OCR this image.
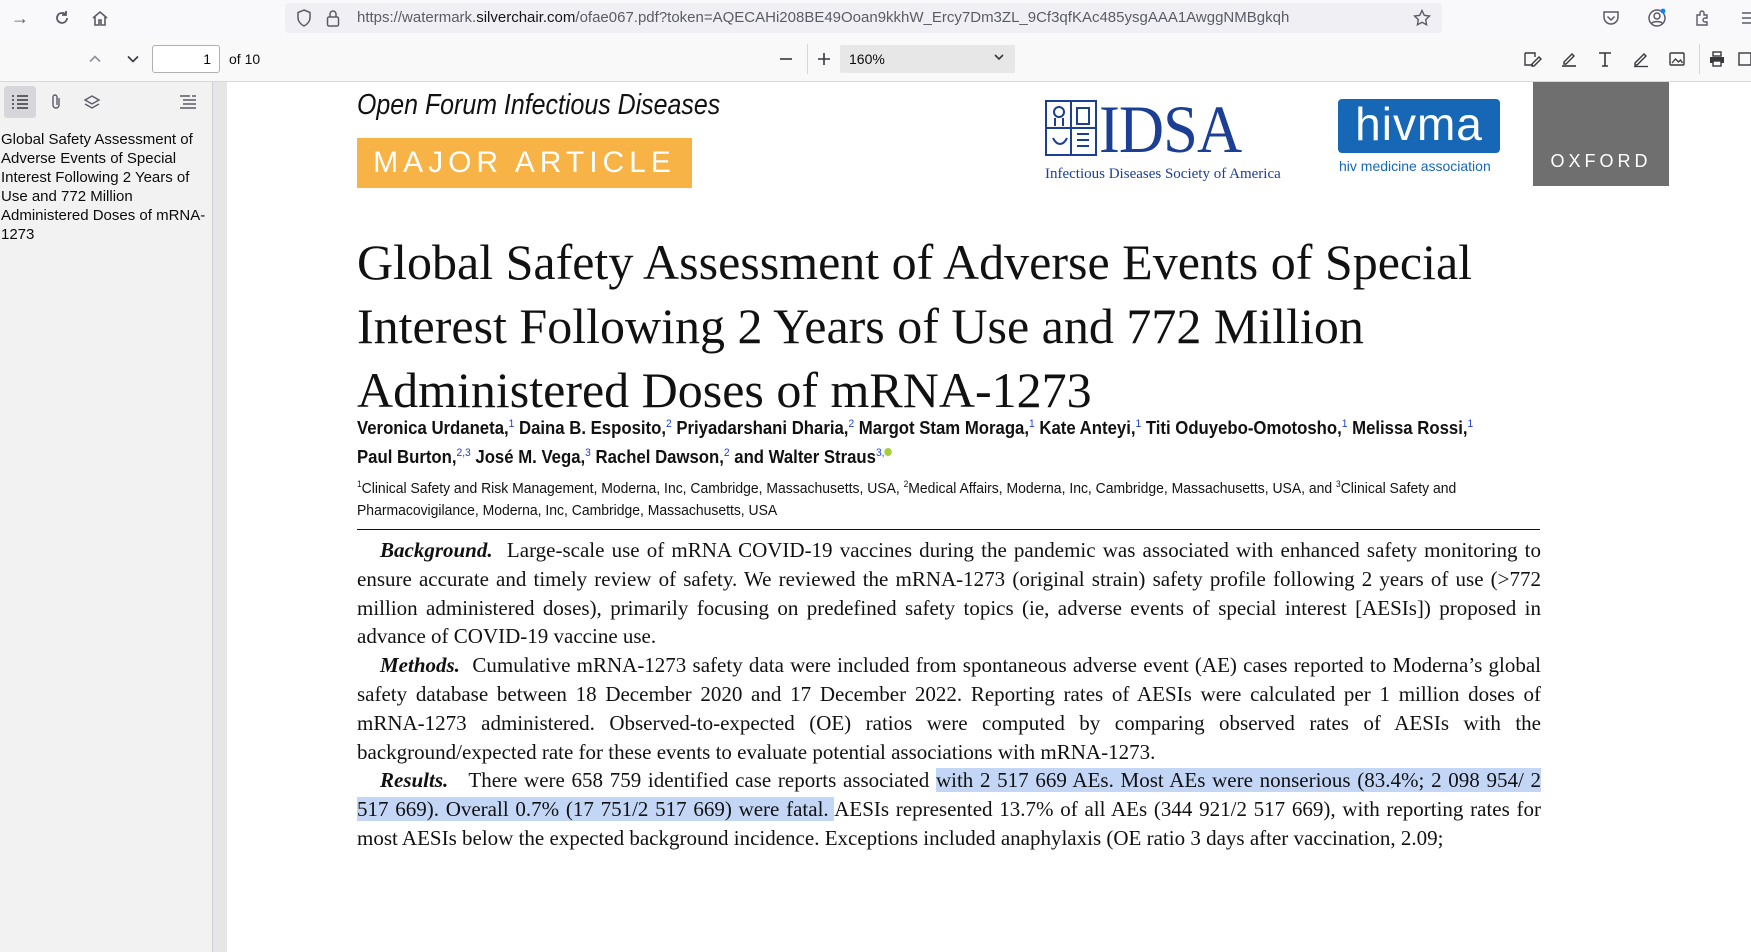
→	https://watermark.silverchair.com/ofae067.pdf?token=AQECAHi208BE49Ooan9kkhW_Ercy7Dm3ZL_9Cf3qfKAc485ysgAAA1AwggNMBgkqh
1	of 10	160%
Global Safety Assessment of Adverse Events of Special Interest Following 2 Years of Use and 772 Million Administered Doses of mRNA-1273
Open Forum Infectious Diseases
MAJOR ARTICLE	IDSA
Infectious Diseases Society of America
hivma
hiv medicine association	OXFORD
Global Safety Assessment of Adverse Events of Special Interest Following 2 Years of Use and 772 Million Administered Doses of mRNA-1273
Veronica Urdaneta,$^1$ Daina B. Esposito,$^2$ Priyadarshani Dharia,$^2$ Margot Stam Moraga,$^1$ Kate Anteyi,$^1$ Titi Oduyebo-Omotosho,$^1$ Melissa Rossi,$^1$
Paul Burton,$^{2,3}$ José M. Vega,$^3$ Rachel Dawson,$^2$ and Walter Straus$^{3,}$
$^1$Clinical Safety and Risk Management, Moderna, Inc, Cambridge, Massachusetts, USA, $^2$Medical Affairs, Moderna, Inc, Cambridge, Massachusetts, USA, and $^3$Clinical Safety and Pharmacovigilance, Moderna, Inc, Cambridge, Massachusetts, USA

Background. Large-scale use of mRNA COVID-19 vaccines during the pandemic was associated with enhanced safety monitoring to ensure accurate and timely review of safety. We reviewed the mRNA-1273 (original strain) safety profile following 2 years of use (>772 million administered doses), primarily focusing on predefined safety topics (ie, adverse events of special interest [AESIs]) proposed in advance of COVID-19 vaccine use.

Methods. Cumulative mRNA-1273 safety data were included from spontaneous adverse event (AE) cases reported to Moderna’s global safety database between 18 December 2020 and 17 December 2022. Reporting rates of AESIs were calculated per 1 million doses of mRNA-1273 administered. Observed-to-expected (OE) ratios were computed by comparing observed rates of AESIs with the background/expected rate for these events to evaluate potential associations with mRNA-1273.

Results. There were 658 759 identified case reports associated with 2 517 669 AEs. Most AEs were nonserious (83.4%; 2 098 954/ 2 517 669). Overall 0.7% (17 751/2 517 669) were fatal. AESIs represented 13.7% of all AEs (344 921/2 517 669), with reporting rates for most AESIs below the expected background incidence. Exceptions included anaphylaxis (OE ratio 3 days after vaccination, 2.09;
